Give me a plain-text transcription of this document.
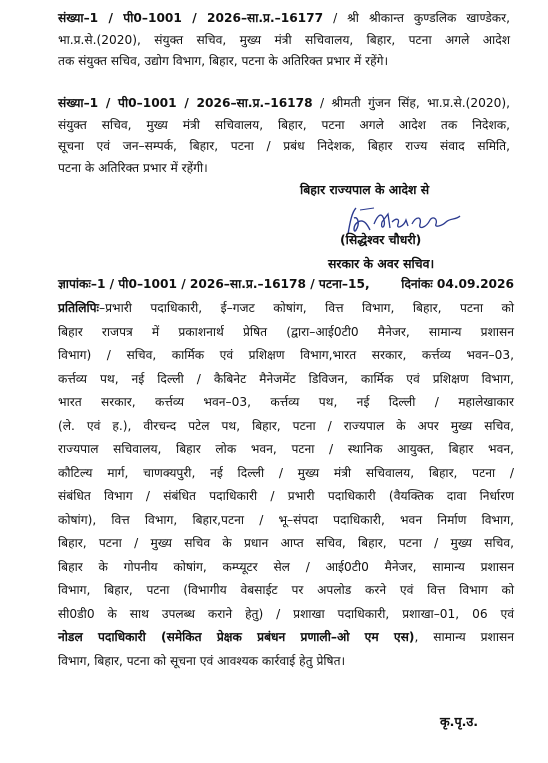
संख्या–1 / पी0–1001 / 2026–सा.प्र.–16177 / श्री श्रीकान्त कुण्डलिक खाण्डेकर,
भा.प्र.से.(2020), संयुक्त सचिव, मुख्य मंत्री सचिवालय, बिहार, पटना अगले आदेश
तक संयुक्त सचिव, उद्योग विभाग, बिहार, पटना के अतिरिक्त प्रभार में रहेंगे।
संख्या–1 / पी0–1001 / 2026–सा.प्र.–16178 / श्रीमती गुंजन सिंह, भा.प्र.से.(2020),
संयुक्त सचिव, मुख्य मंत्री सचिवालय, बिहार, पटना अगले आदेश तक निदेशक,
सूचना एवं जन–सम्पर्क, बिहार, पटना / प्रबंध निदेशक, बिहार राज्य संवाद समिति,
पटना के अतिरिक्त प्रभार में रहेंगी।
बिहार राज्यपाल के आदेश से
(सिद्धेश्वर चौधरी)
सरकार के अवर सचिव।
ज्ञापांकः–1 / पी0–1001 / 2026–सा.प्र.–16178 / पटना–15,	दिनांकः 04.09.2026
प्रतिलिपिः–प्रभारी पदाधिकारी, ई–गजट कोषांग, वित्त विभाग, बिहार, पटना को
बिहार राजपत्र में प्रकाशनार्थ प्रेषित (द्वारा–आई0टी0 मैनेजर, सामान्य प्रशासन
विभाग) / सचिव, कार्मिक एवं प्रशिक्षण विभाग,भारत सरकार, कर्त्तव्य भवन–03,
कर्त्तव्य पथ, नई दिल्ली / कैबिनेट मैनेजमेंट डिविजन, कार्मिक एवं प्रशिक्षण विभाग,
भारत सरकार, कर्त्तव्य भवन–03, कर्त्तव्य पथ, नई दिल्ली / महालेखाकार
(ले. एवं ह.), वीरचन्द पटेल पथ, बिहार, पटना / राज्यपाल के अपर मुख्य सचिव,
राज्यपाल सचिवालय, बिहार लोक भवन, पटना / स्थानिक आयुक्त, बिहार भवन,
कौटिल्य मार्ग, चाणक्यपुरी, नई दिल्ली / मुख्य मंत्री सचिवालय, बिहार, पटना /
संबंधित विभाग / संबंधित पदाधिकारी / प्रभारी पदाधिकारी (वैयक्तिक दावा निर्धारण
कोषांग), वित्त विभाग, बिहार,पटना / भू–संपदा पदाधिकारी, भवन निर्माण विभाग,
बिहार, पटना / मुख्य सचिव के प्रधान आप्त सचिव, बिहार, पटना / मुख्य सचिव,
बिहार के गोपनीय कोषांग, कम्प्यूटर सेल / आई0टी0 मैनेजर, सामान्य प्रशासन
विभाग, बिहार, पटना (विभागीय वेबसाईट पर अपलोड करने एवं वित्त विभाग को
सी0डी0 के साथ उपलब्ध कराने हेतु) / प्रशाखा पदाधिकारी, प्रशाखा–01, 06 एवं
नोडल पदाधिकारी (समेकित प्रेक्षक प्रबंधन प्रणाली–ओ एम एस), सामान्य प्रशासन
विभाग, बिहार, पटना को सूचना एवं आवश्यक कार्रवाई हेतु प्रेषित।
कृ.पृ.उ.
